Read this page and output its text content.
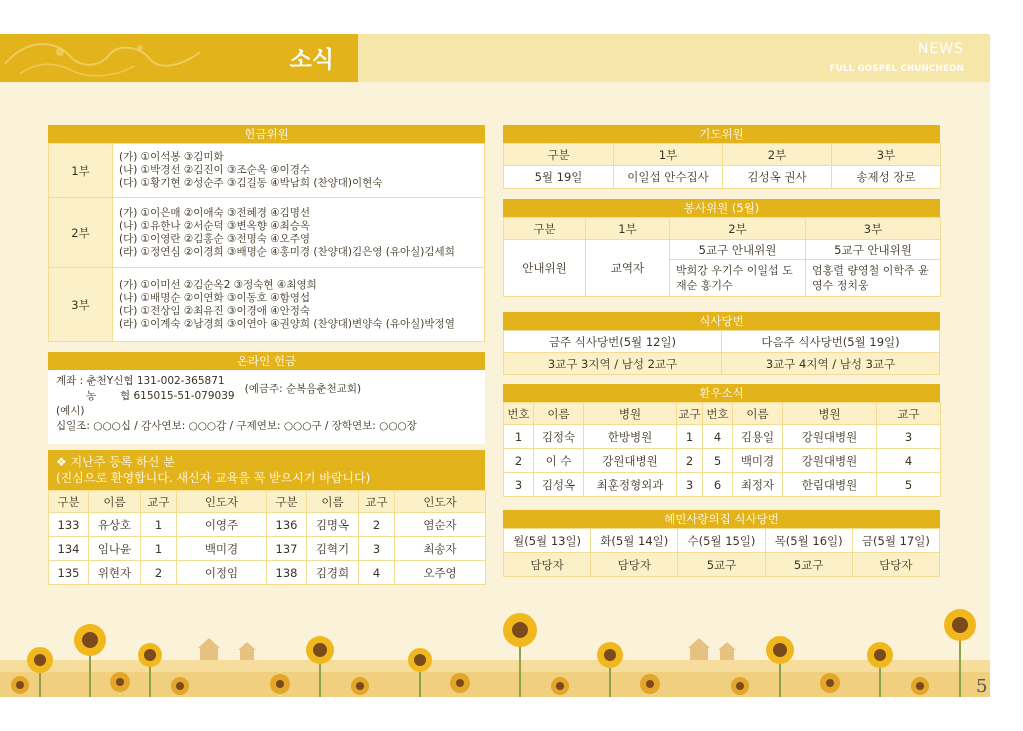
소식	NEWS
FULL GOSPEL CHUNCHEON
헌금위원
1부	(가) ①이석봉 ③김미화
(나) ①박경선 ②김진이 ③조순옥 ④이경수
(다) ①황기현 ②성순주 ③김길동 ④박남희 (찬양대)이현숙

2부	(가) ①이은매 ②이애숙 ③전혜경 ④김명선
(나) ①유한나 ②서순덕 ③변옥향 ④최승옥
(다) ①이영란 ②김홍순 ③전명숙 ④오주영
(라) ①정연심 ②이경희 ③배명순 ④홍미경 (찬양대)김은영 (유아실)김세희

3부	(가) ①이미선 ②김순옥2 ③정숙현 ④최영희
(나) ①배명순 ②이연화 ③이동호 ④함영섭
(다) ①전상임 ②최유진 ③이경애 ④안정숙
(라) ①이계숙 ②남경희 ③이연아 ④권양희 (찬양대)변양숙 (유아실)박정열
온라인 헌금
계좌 : 춘천Y신협 131-002-365871
농 협 615015-51-079039
(예금주: 순복음춘천교회)
(예시)
십일조: ○○○십 / 감사연보: ○○○감 / 구제연보: ○○○구 / 장학연보: ○○○장
❖ 지난주 등록 하신 분
(진심으로 환영합니다. 새신자 교육을 꼭 받으시기 바랍니다)
구분	이름	교구	인도자	구분	이름	교구	인도자
133	유상호	1	이영주	136	김명옥	2	염순자
134	임나윤	1	백미경	137	김혁기	3	최송자
135	위현자	2	이정임	138	김경희	4	오주영
기도위원
구분	1부	2부	3부
5월 19일	이일섭 안수집사	김성옥 권사	송제성 장로
봉사위원 (5월)
구분	1부	2부	3부
안내위원	교역자	5교구 안내위원	5교구 안내위원
		박희강 우기수 이일섭 도재순 홍기수	엄홍렬 량영철 이학주 윤영수 정치웅
식사당번
금주 식사당번(5월 12일)	다음주 식사당번(5월 19일)
3교구 3지역 / 남성 2교구	3교구 4지역 / 남성 3교구
환우소식
번호	이름	병원	교구	번호	이름	병원	교구
1	김정숙	한방병원	1	4	김용일	강원대병원	3
2	이 수	강원대병원	2	5	백미경	강원대병원	4
3	김성옥	최훈정형외과	3	6	최정자	한림대병원	5
혜민사랑의집 식사당번
월(5월 13일)	화(5월 14일)	수(5월 15일)	목(5월 16일)	금(5월 17일)
담당자	담당자	5교구	5교구	담당자
5
